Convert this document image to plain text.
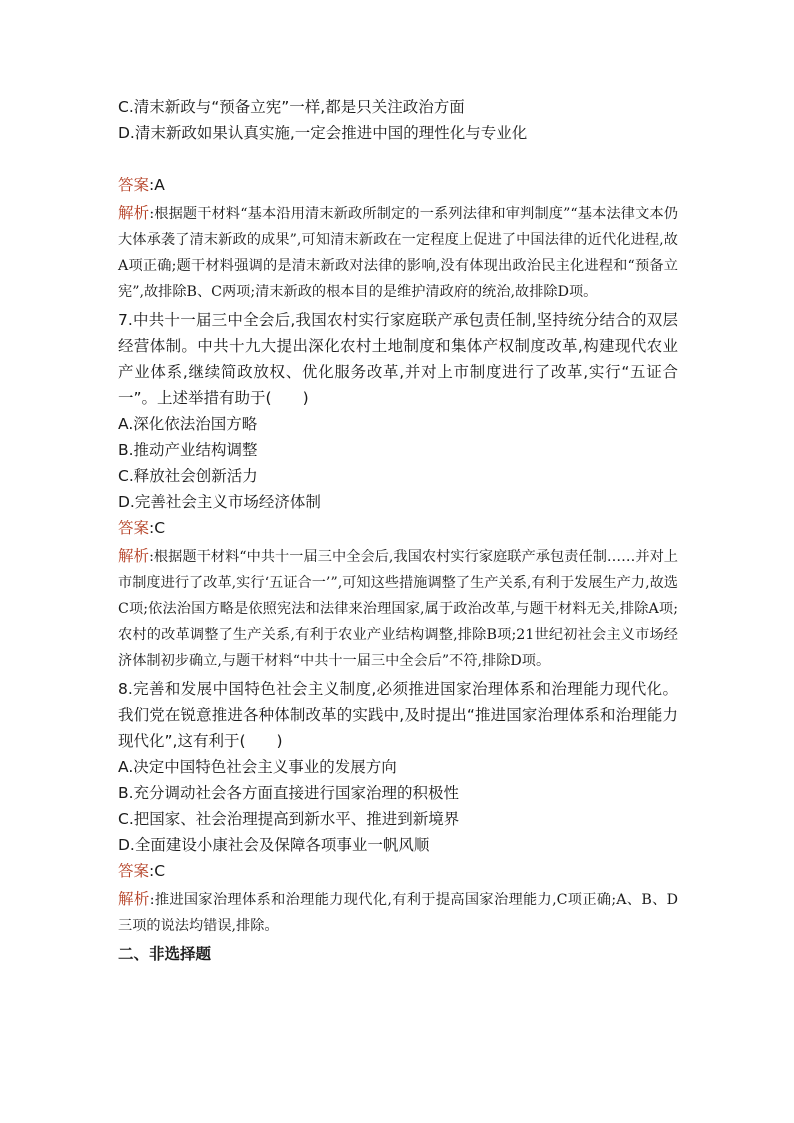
C.清末新政与“预备立宪”一样,都是只关注政治方面
D.清末新政如果认真实施,一定会推进中国的理性化与专业化
答案:A
解析:根据题干材料“基本沿用清末新政所制定的一系列法律和审判制度”“基本法律文本仍大体承袭了清末新政的成果”,可知清末新政在一定程度上促进了中国法律的近代化进程,故A项正确;题干材料强调的是清末新政对法律的影响,没有体现出政治民主化进程和“预备立宪”,故排除B、C两项;清末新政的根本目的是维护清政府的统治,故排除D项。
7.中共十一届三中全会后,我国农村实行家庭联产承包责任制,坚持统分结合的双层经营体制。中共十九大提出深化农村土地制度和集体产权制度改革,构建现代农业产业体系,继续简政放权、优化服务改革,并对上市制度进行了改革,实行“五证合一”。上述举措有助于(　　)
A.深化依法治国方略
B.推动产业结构调整
C.释放社会创新活力
D.完善社会主义市场经济体制
答案:C
解析:根据题干材料“中共十一届三中全会后,我国农村实行家庭联产承包责任制……并对上市制度进行了改革,实行‘五证合一’”,可知这些措施调整了生产关系,有利于发展生产力,故选C项;依法治国方略是依照宪法和法律来治理国家,属于政治改革,与题干材料无关,排除A项;农村的改革调整了生产关系,有利于农业产业结构调整,排除B项;21世纪初社会主义市场经济体制初步确立,与题干材料“中共十一届三中全会后”不符,排除D项。
8.完善和发展中国特色社会主义制度,必须推进国家治理体系和治理能力现代化。我们党在锐意推进各种体制改革的实践中,及时提出“推进国家治理体系和治理能力现代化”,这有利于(　　)
A.决定中国特色社会主义事业的发展方向
B.充分调动社会各方面直接进行国家治理的积极性
C.把国家、社会治理提高到新水平、推进到新境界
D.全面建设小康社会及保障各项事业一帆风顺
答案:C
解析:推进国家治理体系和治理能力现代化,有利于提高国家治理能力,C项正确;A、B、D三项的说法均错误,排除。
二、非选择题
